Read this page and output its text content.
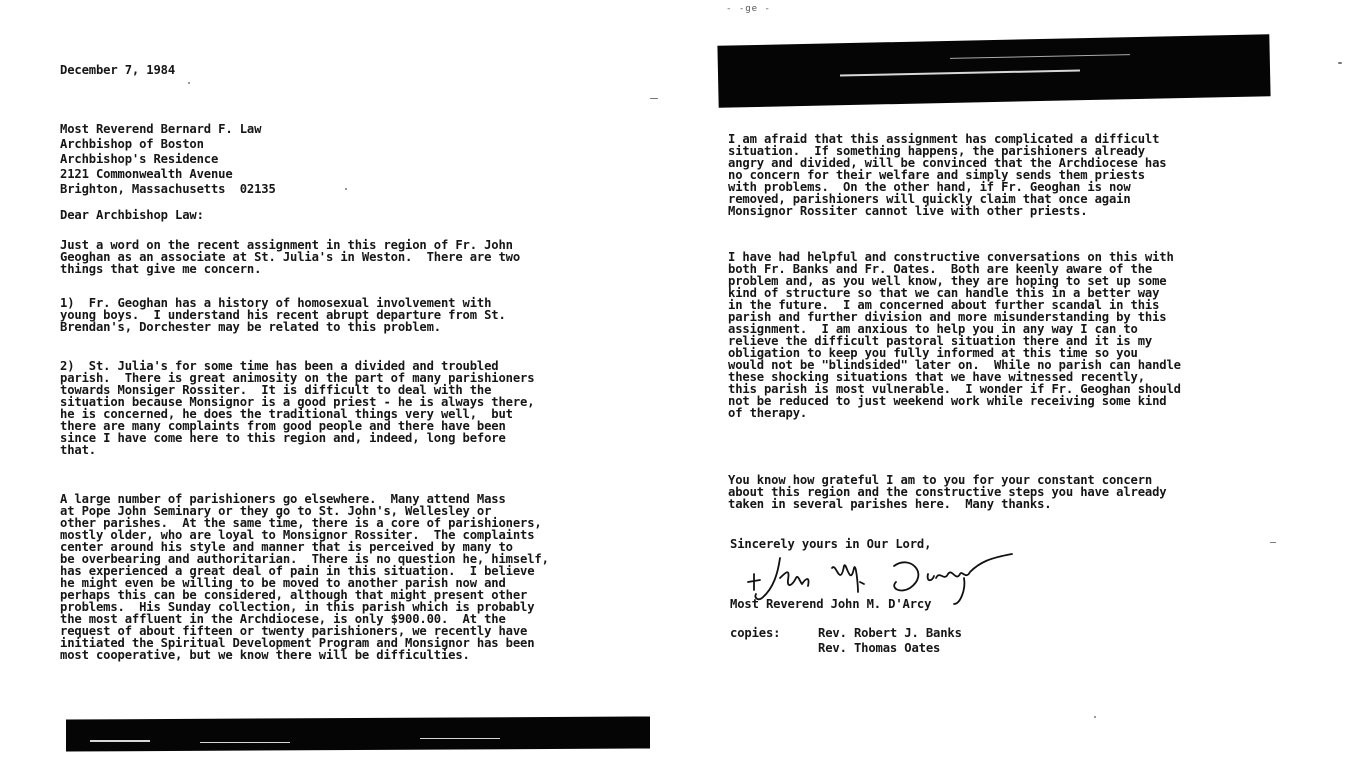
December 7, 1984
Most Reverend Bernard F. Law
Archbishop of Boston
Archbishop's Residence
2121 Commonwealth Avenue
Brighton, Massachusetts  02135
Dear Archbishop Law:
Just a word on the recent assignment in this region of Fr. John
Geoghan as an associate at St. Julia's in Weston.  There are two
things that give me concern.
1)  Fr. Geoghan has a history of homosexual involvement with
young boys.  I understand his recent abrupt departure from St.
Brendan's, Dorchester may be related to this problem.
2)  St. Julia's for some time has been a divided and troubled
parish.  There is great animosity on the part of many parishioners
towards Monsiger Rossiter.  It is difficult to deal with the
situation because Monsignor is a good priest - he is always there,
he is concerned, he does the traditional things very well,  but
there are many complaints from good people and there have been
since I have come here to this region and, indeed, long before
that.
A large number of parishioners go elsewhere.  Many attend Mass
at Pope John Seminary or they go to St. John's, Wellesley or
other parishes.  At the same time, there is a core of parishioners,
mostly older, who are loyal to Monsignor Rossiter.  The complaints
center around his style and manner that is perceived by many to
be overbearing and authoritarian.  There is no question he, himself,
has experienced a great deal of pain in this situation.  I believe
he might even be willing to be moved to another parish now and
perhaps this can be considered, although that might present other
problems.  His Sunday collection, in this parish which is probably
the most affluent in the Archdiocese, is only $900.00.  At the
request of about fifteen or twenty parishioners, we recently have
initiated the Spiritual Development Program and Monsignor has been
most cooperative, but we know there will be difficulties.
- -ge -
I am afraid that this assignment has complicated a difficult
situation.  If something happens, the parishioners already
angry and divided, will be convinced that the Archdiocese has
no concern for their welfare and simply sends them priests
with problems.  On the other hand, if Fr. Geoghan is now
removed, parishioners will quickly claim that once again
Monsignor Rossiter cannot live with other priests.
I have had helpful and constructive conversations on this with
both Fr. Banks and Fr. Oates.  Both are keenly aware of the
problem and, as you well know, they are hoping to set up some
kind of structure so that we can handle this in a better way
in the future.  I am concerned about further scandal in this
parish and further division and more misunderstanding by this
assignment.  I am anxious to help you in any way I can to
relieve the difficult pastoral situation there and it is my
obligation to keep you fully informed at this time so you
would not be "blindsided" later on.  While no parish can handle
these shocking situations that we have witnessed recently,
this parish is most vulnerable.  I wonder if Fr. Geoghan should
not be reduced to just weekend work while receiving some kind
of therapy.
You know how grateful I am to you for your constant concern
about this region and the constructive steps you have already
taken in several parishes here.  Many thanks.
Sincerely yours in Our Lord,
Most Reverend John M. D'Arcy
copies:	Rev. Robert J. Banks
Rev. Thomas Oates
